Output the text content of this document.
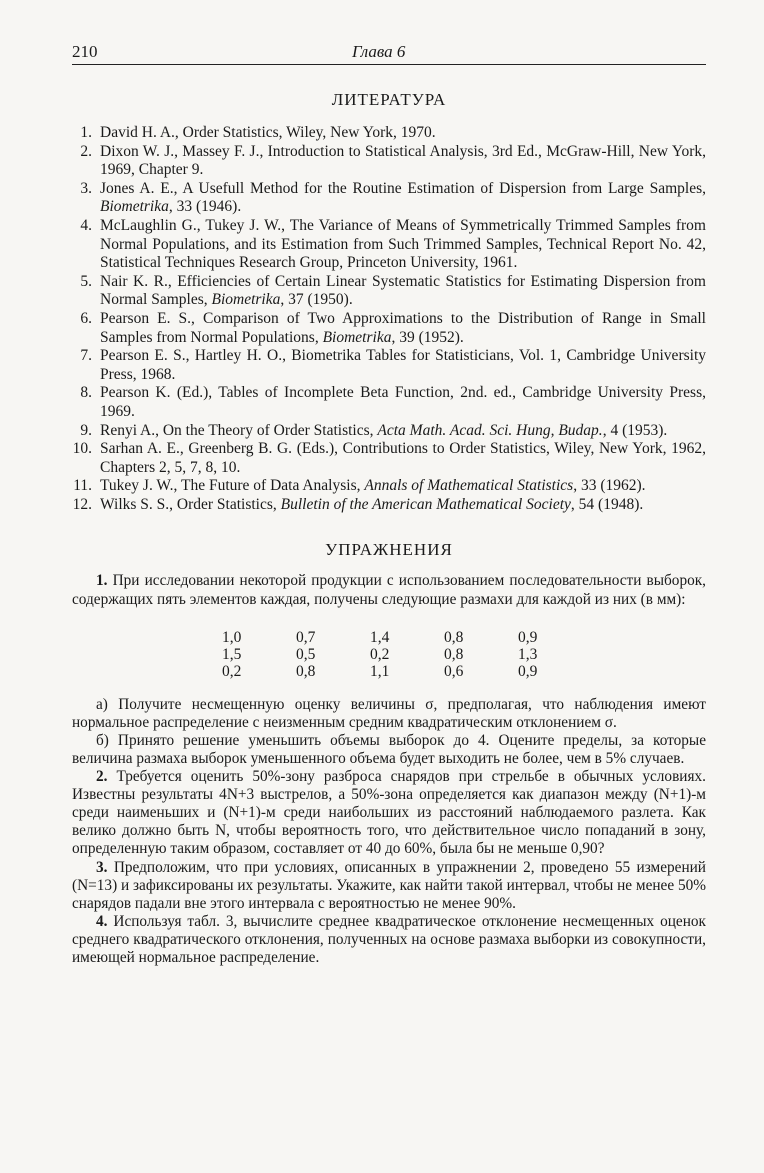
210	Глава 6
ЛИТЕРАТУРА
1. David H. A., Order Statistics, Wiley, New York, 1970.
2. Dixon W. J., Massey F. J., Introduction to Statistical Analysis, 3rd Ed., McGraw-Hill, New York, 1969, Chapter 9.
3. Jones A. E., A Usefull Method for the Routine Estimation of Dispersion from Large Samples, Biometrika, 33 (1946).
4. McLaughlin G., Tukey J. W., The Variance of Means of Symmetrically Trimmed Samples from Normal Populations, and its Estimation from Such Trimmed Samples, Technical Report No. 42, Statistical Techniques Research Group, Princeton University, 1961.
5. Nair K. R., Efficiencies of Certain Linear Systematic Statistics for Estimating Dispersion from Normal Samples, Biometrika, 37 (1950).
6. Pearson E. S., Comparison of Two Approximations to the Distribution of Range in Small Samples from Normal Populations, Biometrika, 39 (1952).
7. Pearson E. S., Hartley H. O., Biometrika Tables for Statisticians, Vol. 1, Cambridge University Press, 1968.
8. Pearson K. (Ed.), Tables of Incomplete Beta Function, 2nd. ed., Cambridge University Press, 1969.
9. Renyi A., On the Theory of Order Statistics, Acta Math. Acad. Sci. Hung, Budap., 4 (1953).
10. Sarhan A. E., Greenberg B. G. (Eds.), Contributions to Order Statistics, Wiley, New York, 1962, Chapters 2, 5, 7, 8, 10.
11. Tukey J. W., The Future of Data Analysis, Annals of Mathematical Statistics, 33 (1962).
12. Wilks S. S., Order Statistics, Bulletin of the American Mathematical Society, 54 (1948).
УПРАЖНЕНИЯ

1. При исследовании некоторой продукции с использованием последовательности выборок, содержащих пять элементов каждая, получены следующие размахи для каждой из них (в мм):

1,0	0,7	1,4	0,8	0,9
1,5	0,5	0,2	0,8	1,3
0,2	0,8	1,1	0,6	0,9

а) Получите несмещенную оценку величины σ, предполагая, что наблюдения имеют нормальное распределение с неизменным средним квадратическим отклонением σ.

б) Принято решение уменьшить объемы выборок до 4. Оцените пределы, за которые величина размаха выборок уменьшенного объема будет выходить не более, чем в 5% случаев.

2. Требуется оценить 50%-зону разброса снарядов при стрельбе в обычных условиях. Известны результаты 4N+3 выстрелов, а 50%-зона определяется как диапазон между (N+1)-м среди наименьших и (N+1)-м среди наибольших из расстояний наблюдаемого разлета. Как велико должно быть N, чтобы вероятность того, что действительное число попаданий в зону, определенную таким образом, составляет от 40 до 60%, была бы не меньше 0,90?

3. Предположим, что при условиях, описанных в упражнении 2, проведено 55 измерений (N=13) и зафиксированы их результаты. Укажите, как найти такой интервал, чтобы не менее 50% снарядов падали вне этого интервала с вероятностью не менее 90%.

4. Используя табл. 3, вычислите среднее квадратическое отклонение несмещенных оценок среднего квадратического отклонения, полученных на основе размаха выборки из совокупности, имеющей нормальное распределение.
